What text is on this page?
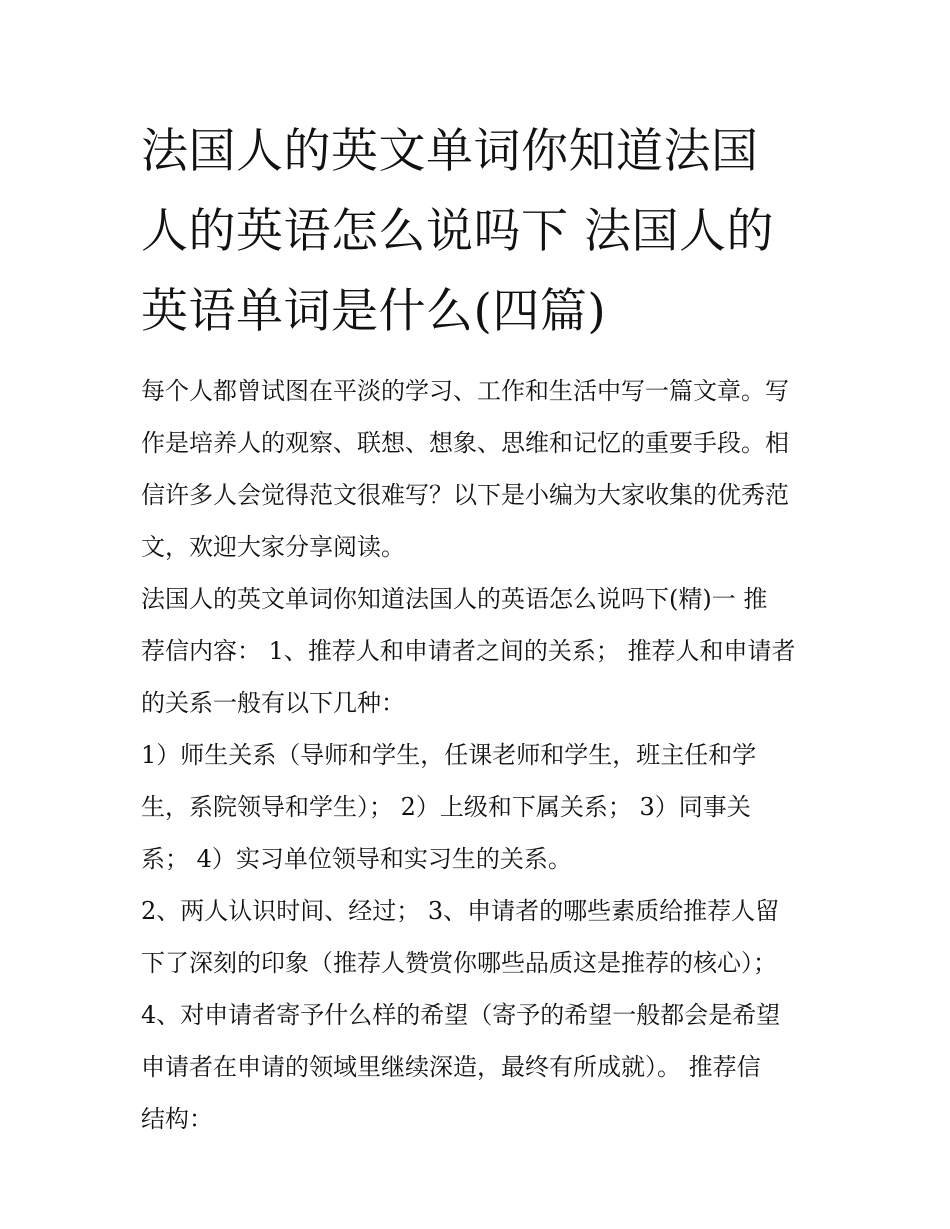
法国人的英文单词你知道法国
人的英语怎么说吗下 法国人的
英语单词是什么(四篇)

每个人都曾试图在平淡的学习、工作和生活中写一篇文章。写
作是培养人的观察、联想、想象、思维和记忆的重要手段。相
信许多人会觉得范文很难写？以下是小编为大家收集的优秀范
文，欢迎大家分享阅读。

法国人的英文单词你知道法国人的英语怎么说吗下(精)一 推
荐信内容： 1、推荐人和申请者之间的关系； 推荐人和申请者
的关系一般有以下几种：

1）师生关系（导师和学生，任课老师和学生，班主任和学
生，系院领导和学生）； 2）上级和下属关系； 3）同事关
系； 4）实习单位领导和实习生的关系。

2、两人认识时间、经过； 3、申请者的哪些素质给推荐人留
下了深刻的印象（推荐人赞赏你哪些品质这是推荐的核心）；
4、对申请者寄予什么样的希望（寄予的希望一般都会是希望
申请者在申请的领域里继续深造，最终有所成就）。 推荐信
结构：
